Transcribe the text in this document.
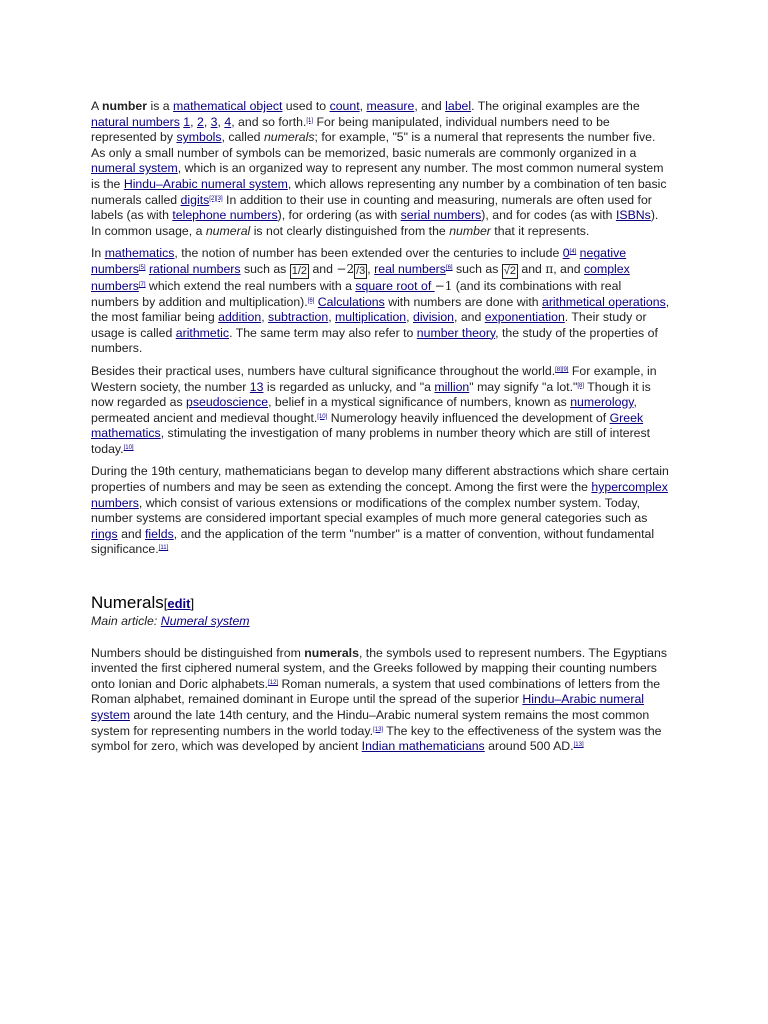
A number is a mathematical object used to count, measure, and label. The original examples are the natural numbers 1, 2, 3, 4, and so forth.[1] For being manipulated, individual numbers need to be represented by symbols, called numerals; for example, "5" is a numeral that represents the number five. As only a small number of symbols can be memorized, basic numerals are commonly organized in a numeral system, which is an organized way to represent any number. The most common numeral system is the Hindu–Arabic numeral system, which allows representing any number by a combination of ten basic numerals called digits[2][3] In addition to their use in counting and measuring, numerals are often used for labels (as with telephone numbers), for ordering (as with serial numbers), and for codes (as with ISBNs). In common usage, a numeral is not clearly distinguished from the number that it represents.

In mathematics, the notion of number has been extended over the centuries to include 0[4] negative numbers[5] rational numbers such as 1/2 and −2 /3 , real numbers[6] such as √2 and π, and complex numbers[7] which extend the real numbers with a square root of −1 (and its combinations with real numbers by addition and multiplication).[6] Calculations with numbers are done with arithmetical operations, the most familiar being addition, subtraction, multiplication, division, and exponentiation. Their study or usage is called arithmetic. The same term may also refer to number theory, the study of the properties of numbers.

Besides their practical uses, numbers have cultural significance throughout the world.[8][9] For example, in Western society, the number 13 is regarded as unlucky, and "a million" may signify "a lot."[8] Though it is now regarded as pseudoscience, belief in a mystical significance of numbers, known as numerology, permeated ancient and medieval thought.[10] Numerology heavily influenced the development of Greek mathematics, stimulating the investigation of many problems in number theory which are still of interest today.[10]

During the 19th century, mathematicians began to develop many different abstractions which share certain properties of numbers and may be seen as extending the concept. Among the first were the hypercomplex numbers, which consist of various extensions or modifications of the complex number system. Today, number systems are considered important special examples of much more general categories such as rings and fields, and the application of the term "number" is a matter of convention, without fundamental significance.[11]

Numerals[edit]
Main article: Numeral system

Numbers should be distinguished from numerals, the symbols used to represent numbers. The Egyptians invented the first ciphered numeral system, and the Greeks followed by mapping their counting numbers onto Ionian and Doric alphabets.[12] Roman numerals, a system that used combinations of letters from the Roman alphabet, remained dominant in Europe until the spread of the superior Hindu–Arabic numeral system around the late 14th century, and the Hindu–Arabic numeral system remains the most common system for representing numbers in the world today.[13] The key to the effectiveness of the system was the symbol for zero, which was developed by ancient Indian mathematicians around 500 AD.[13]
